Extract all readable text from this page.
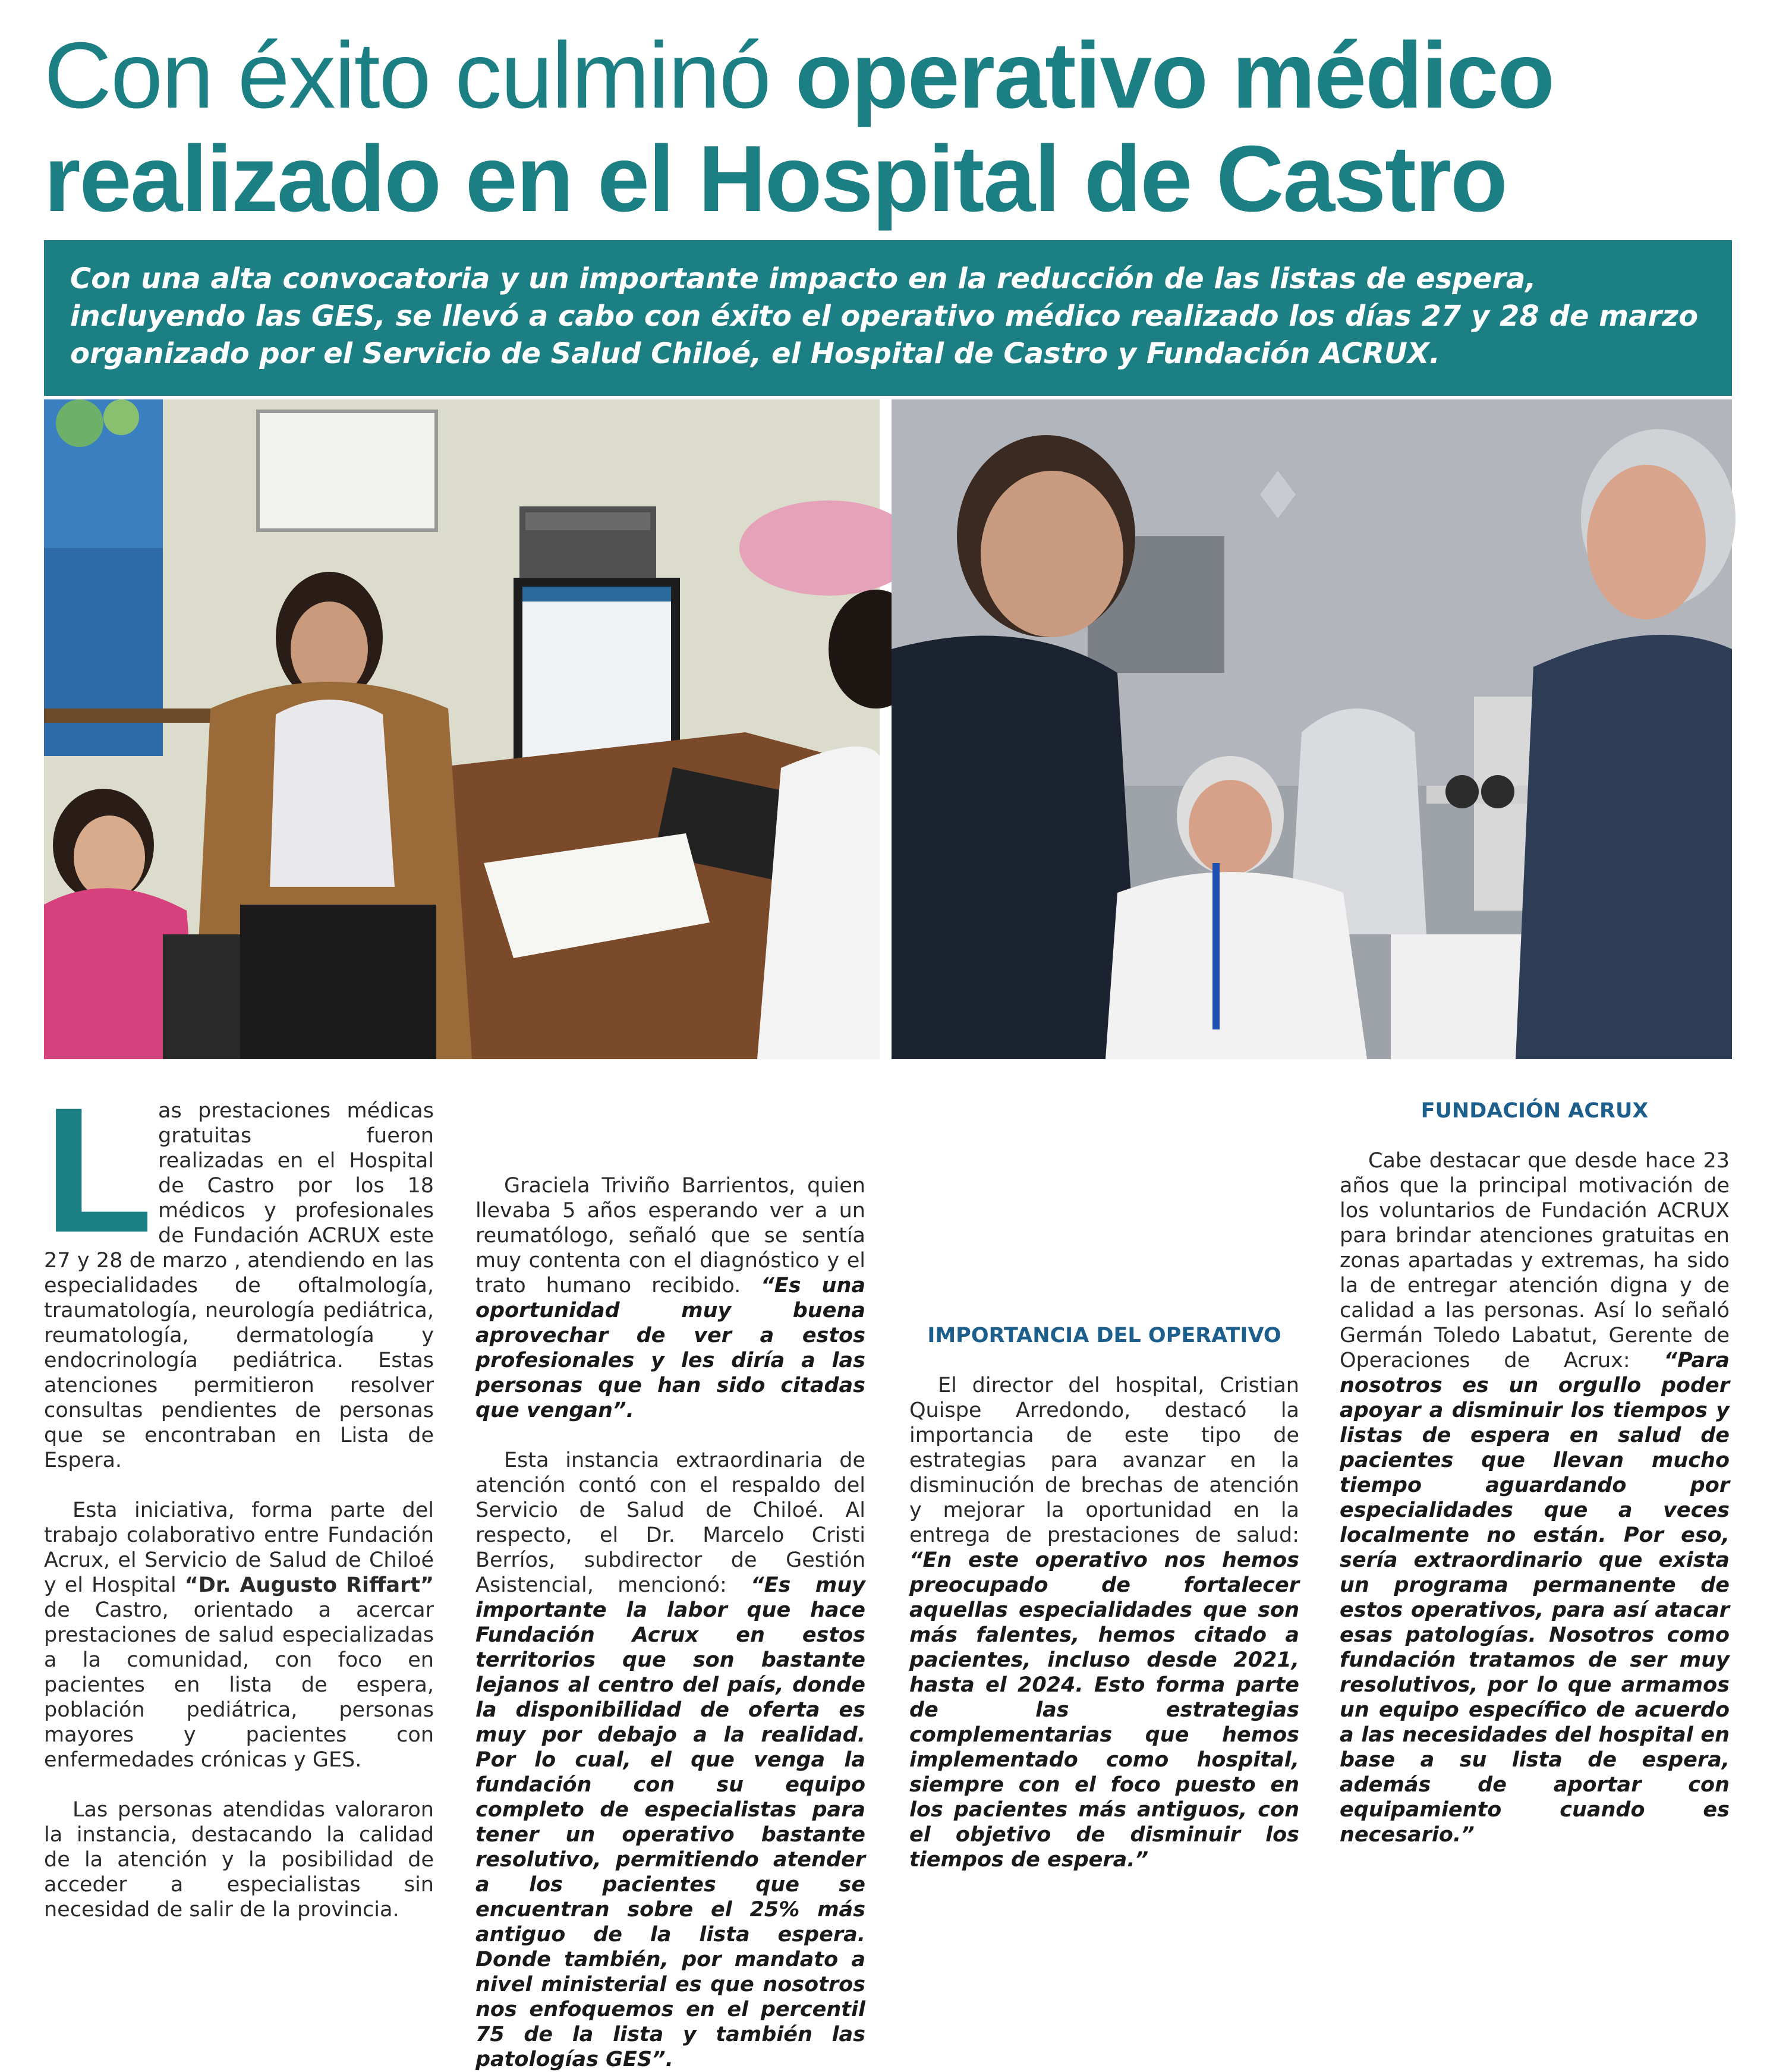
Con éxito culminó operativo médico
realizado en el Hospital de Castro

Con una alta convocatoria y un importante impacto en la reducción de las listas de espera, incluyendo las GES, se llevó a cabo con éxito el operativo médico realizado los días 27 y 28 de marzo organizado por el Servicio de Salud Chiloé, el Hospital de Castro y Fundación ACRUX.

L as prestaciones médicas gratuitas fueron realizadas en el Hospital de Castro por los 18 médicos y profesionales de Fundación ACRUX este 27 y 28 de marzo , atendiendo en las especialidades de oftalmología, traumatología, neurología pediátrica, reumatología, dermatología y endocrinología pediátrica. Estas atenciones permitieron resolver consultas pendientes de personas que se encontraban en Lista de Espera.

Esta iniciativa, forma parte del trabajo colaborativo entre Fundación Acrux, el Servicio de Salud de Chiloé y el Hospital “Dr. Augusto Riffart” de Castro, orientado a acercar prestaciones de salud especializadas a la comunidad, con foco en pacientes en lista de espera, población pediátrica, personas mayores y pacientes con enfermedades crónicas y GES.

Las personas atendidas valoraron la instancia, destacando la calidad de la atención y la posibilidad de acceder a especialistas sin necesidad de salir de la provincia.

Graciela Triviño Barrientos, quien llevaba 5 años esperando ver a un reumatólogo, señaló que se sentía muy contenta con el diagnóstico y el trato humano recibido. “Es una oportunidad muy buena aprovechar de ver a estos profesionales y les diría a las personas que han sido citadas que vengan”.

Esta instancia extraordinaria de atención contó con el respaldo del Servicio de Salud de Chiloé. Al respecto, el Dr. Marcelo Cristi Berríos, subdirector de Gestión Asistencial, mencionó: “Es muy importante la labor que hace Fundación Acrux en estos territorios que son bastante lejanos al centro del país, donde la disponibilidad de oferta es muy por debajo a la realidad. Por lo cual, el que venga la fundación con su equipo completo de especialistas para tener un operativo bastante resolutivo, permitiendo atender a los pacientes que se encuentran sobre el 25% más antiguo de la lista espera. Donde también, por mandato a nivel ministerial es que nosotros nos enfoquemos en el percentil 75 de la lista y también las patologías GES”.

IMPORTANCIA DEL OPERATIVO

El director del hospital, Cristian Quispe Arredondo, destacó la importancia de este tipo de estrategias para avanzar en la disminución de brechas de atención y mejorar la oportunidad en la entrega de prestaciones de salud: “En este operativo nos hemos preocupado de fortalecer aquellas especialidades que son más falentes, hemos citado a pacientes, incluso desde 2021, hasta el 2024. Esto forma parte de las estrategias complementarias que hemos implementado como hospital, siempre con el foco puesto en los pacientes más antiguos, con el objetivo de disminuir los tiempos de espera.”

FUNDACIÓN ACRUX

Cabe destacar que desde hace 23 años que la principal motivación de los voluntarios de Fundación ACRUX para brindar atenciones gratuitas en zonas apartadas y extremas, ha sido la de entregar atención digna y de calidad a las personas. Así lo señaló Germán Toledo Labatut, Gerente de Operaciones de Acrux: “Para nosotros es un orgullo poder apoyar a disminuir los tiempos y listas de espera en salud de pacientes que llevan mucho tiempo aguardando por especialidades que a veces localmente no están. Por eso, sería extraordinario que exista un programa permanente de estos operativos, para así atacar esas patologías. Nosotros como fundación tratamos de ser muy resolutivos, por lo que armamos un equipo específico de acuerdo a las necesidades del hospital en base a su lista de espera, además de aportar con equipamiento cuando es necesario.”
